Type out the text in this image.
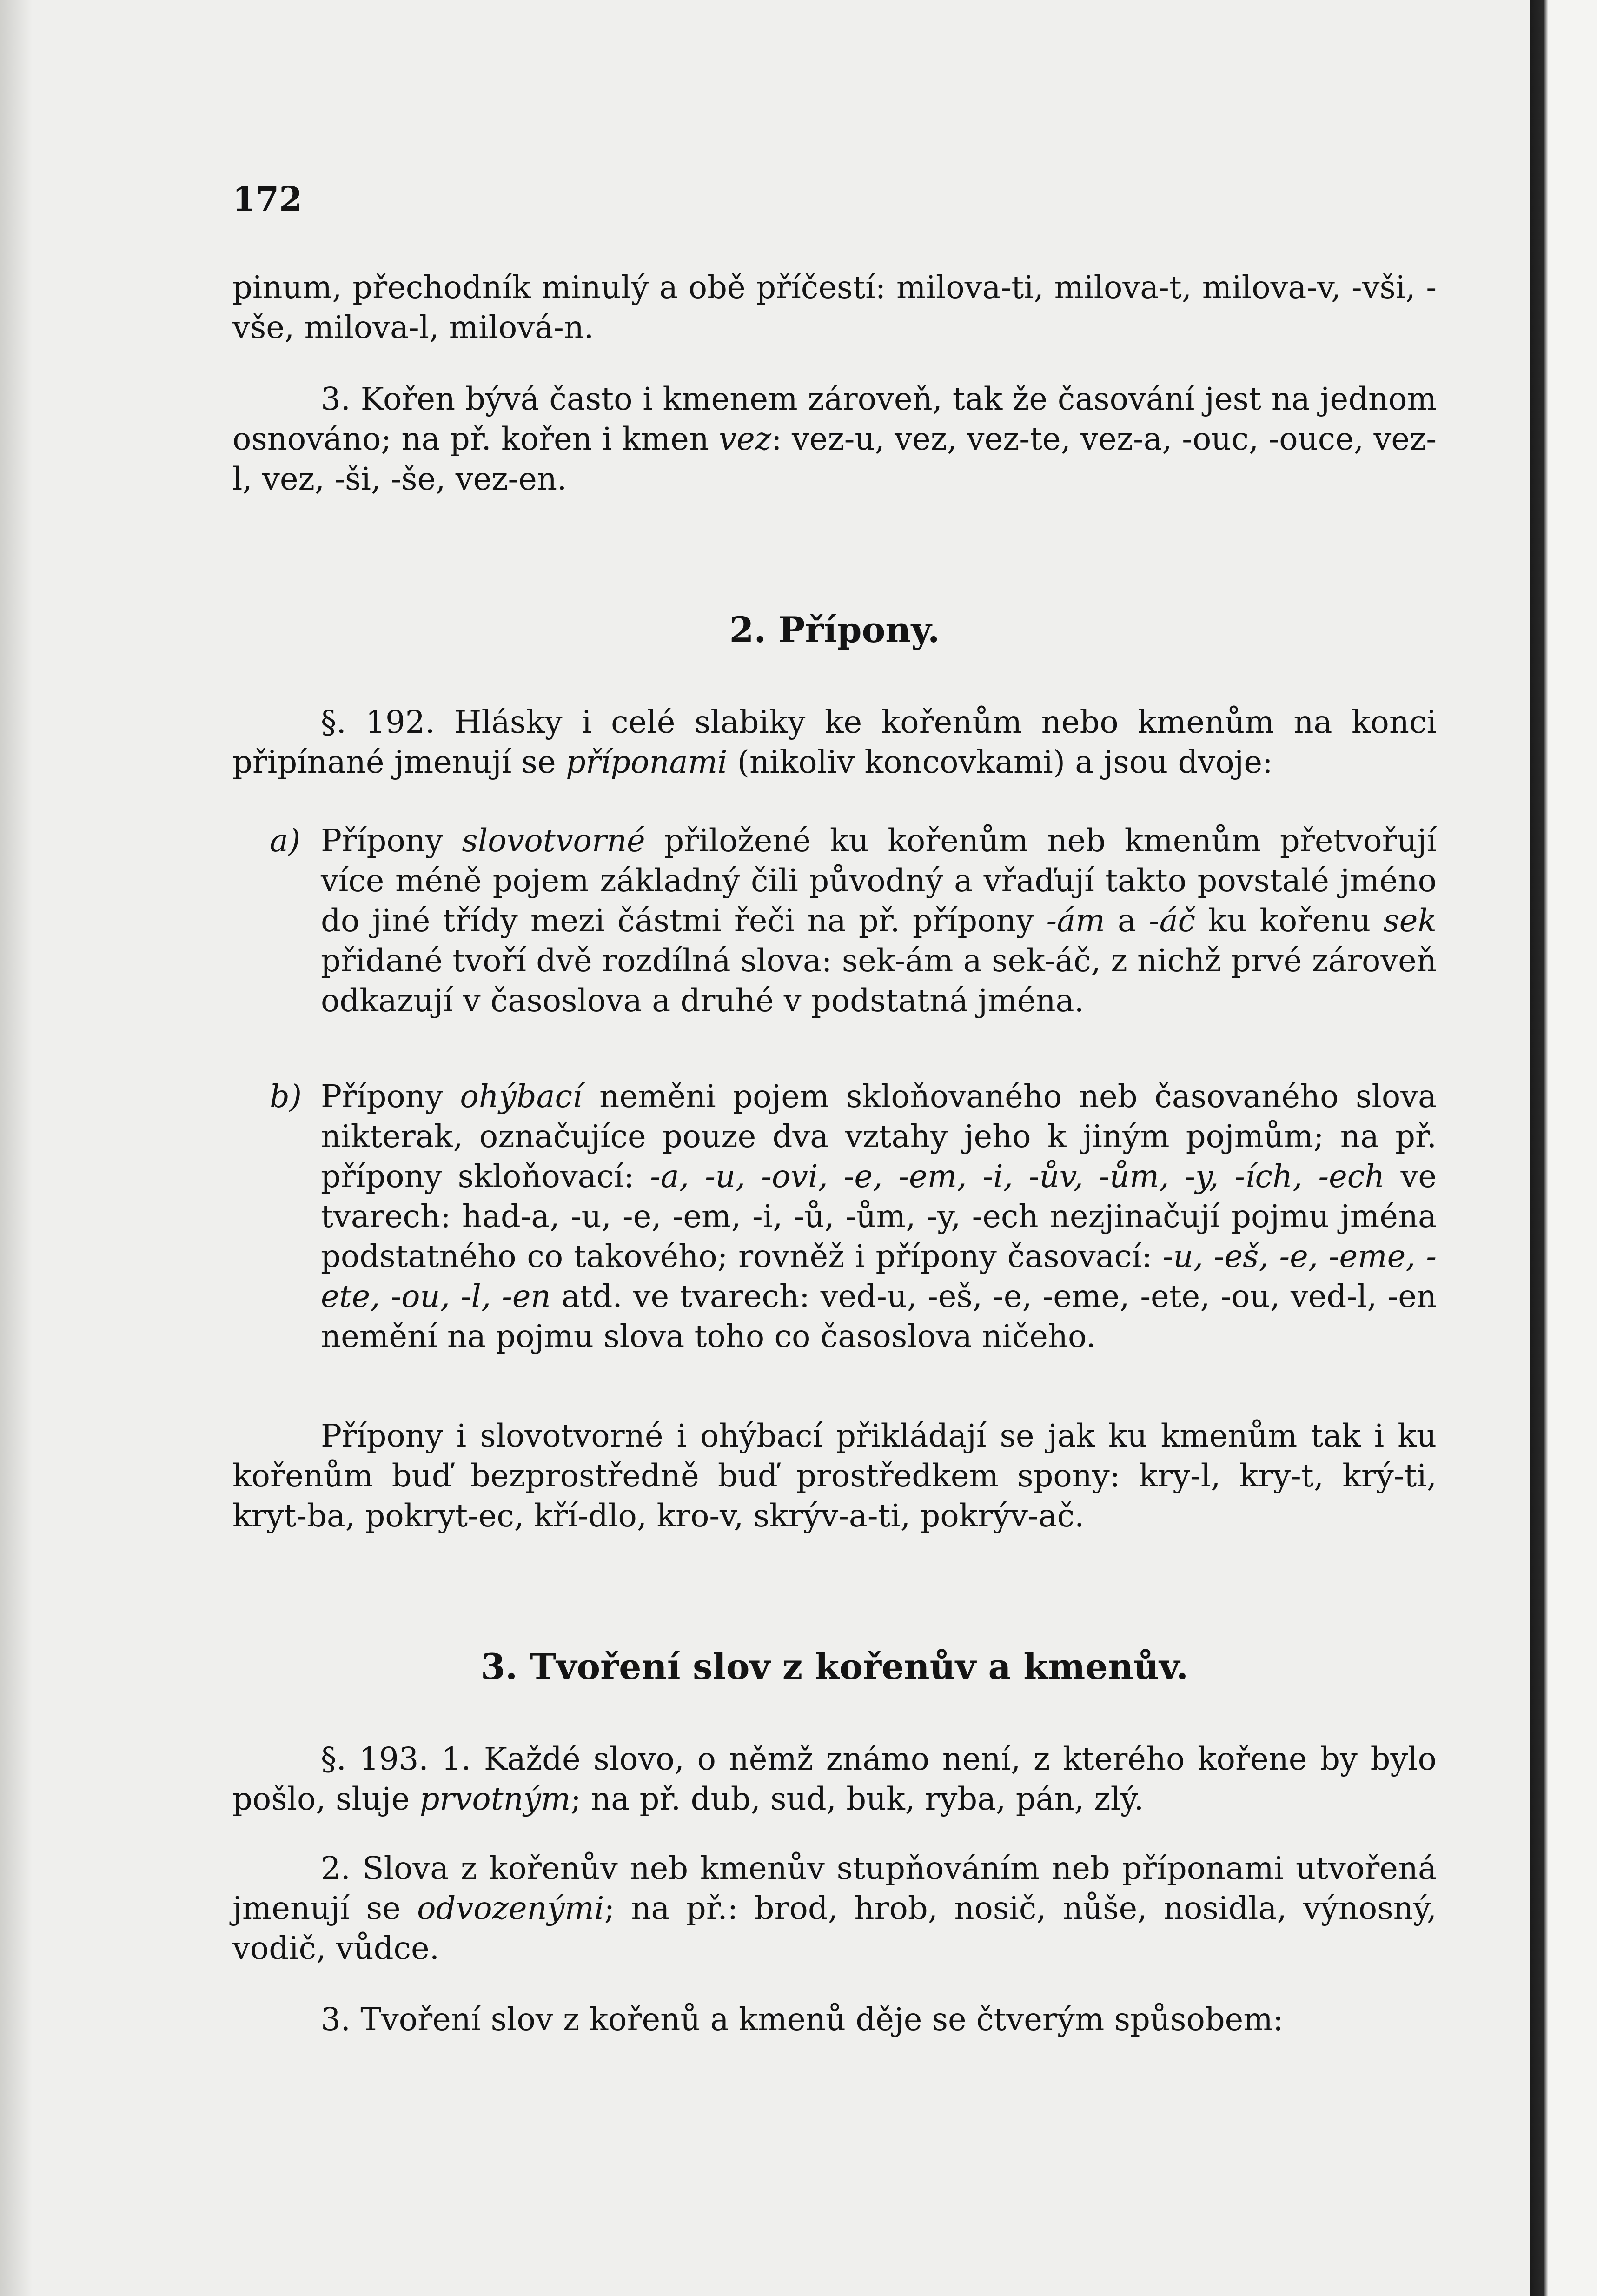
172

pinum, přechodník minulý a obě příčestí: milova-ti, milova-t, milova-v, -vši, -vše, milova-l, milová-n.

3. Kořen bývá často i kmenem zároveň, tak že časování jest na jednom osnováno; na př. kořen i kmen vez: vez-u, vez, vez-te, vez-a, -ouc, -ouce, vez-l, vez, -ši, -še, vez-en.

2. Přípony.

§. 192. Hlásky i celé slabiky ke kořenům nebo kmenům na konci připínané jmenují se příponami (nikoliv koncovkami) a jsou dvoje:

a) Přípony slovotvorné přiložené ku kořenům neb kmenům přetvořují více méně pojem základný čili původný a vřaďují takto povstalé jméno do jiné třídy mezi částmi řeči na př. přípony -ám a -áč ku kořenu sek přidané tvoří dvě rozdílná slova: sek-ám a sek-áč, z nichž prvé zároveň odkazují v časoslova a druhé v podstatná jména.

b) Přípony ohýbací neměni pojem skloňovaného neb časovaného slova nikterak, označujíce pouze dva vztahy jeho k jiným pojmům; na př. přípony skloňovací: -a, -u, -ovi, -e, -em, -i, -ův, -ům, -y, -ích, -ech ve tvarech: had-a, -u, -e, -em, -i, -ů, -ům, -y, -ech nezjinačují pojmu jména podstatného co takového; rovněž i přípony časovací: -u, -eš, -e, -eme, -ete, -ou, -l, -en atd. ve tvarech: ved-u, -eš, -e, -eme, -ete, -ou, ved-l, -en nemění na pojmu slova toho co časoslova ničeho.

Přípony i slovotvorné i ohýbací přikládají se jak ku kmenům tak i ku kořenům buď bezprostředně buď prostředkem spony: kry-l, kry-t, krý-ti, kryt-ba, pokryt-ec, kří-dlo, kro-v, skrýv-a-ti, pokrýv-ač.

3. Tvoření slov z kořenův a kmenův.

§. 193. 1. Každé slovo, o němž známo není, z kterého kořene by bylo pošlo, sluje prvotným; na př. dub, sud, buk, ryba, pán, zlý.

2. Slova z kořenův neb kmenův stupňováním neb příponami utvořená jmenují se odvozenými; na př.: brod, hrob, nosič, nůše, nosidla, výnosný, vodič, vůdce.

3. Tvoření slov z kořenů a kmenů děje se čtverým spůsobem:
